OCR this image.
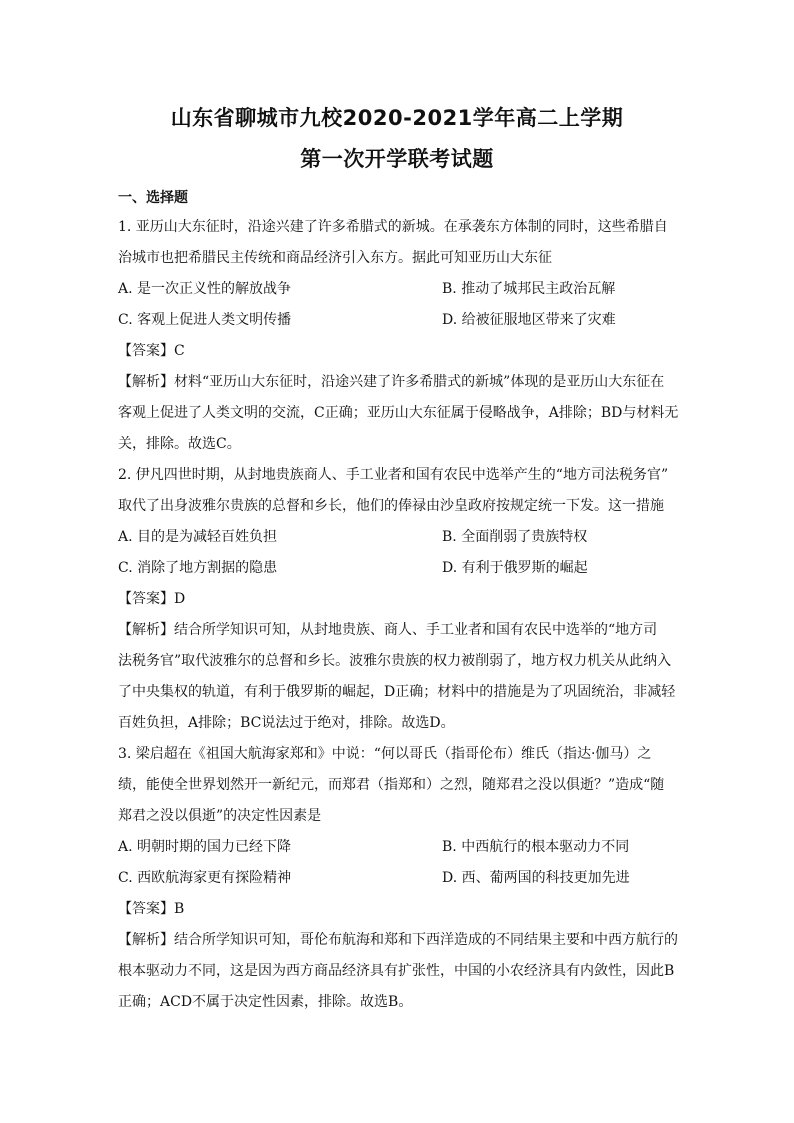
山东省聊城市九校2020-2021学年高二上学期
第一次开学联考试题
一、选择题
1. 亚历山大东征时，沿途兴建了许多希腊式的新城。在承袭东方体制的同时，这些希腊自
治城市也把希腊民主传统和商品经济引入东方。据此可知亚历山大东征
A. 是一次正义性的解放战争	B. 推动了城邦民主政治瓦解
C. 客观上促进人类文明传播	D. 给被征服地区带来了灾难
【答案】C
【解析】材料“亚历山大东征时，沿途兴建了许多希腊式的新城”体现的是亚历山大东征在
客观上促进了人类文明的交流，C正确；亚历山大东征属于侵略战争，A排除；BD与材料无
关，排除。故选C。
2. 伊凡四世时期，从封地贵族商人、手工业者和国有农民中选举产生的“地方司法税务官”
取代了出身波雅尔贵族的总督和乡长，他们的俸禄由沙皇政府按规定统一下发。这一措施
A. 目的是为减轻百姓负担	B. 全面削弱了贵族特权
C. 消除了地方割据的隐患	D. 有利于俄罗斯的崛起
【答案】D
【解析】结合所学知识可知，从封地贵族、商人、手工业者和国有农民中选举的“地方司
法税务官”取代波雅尔的总督和乡长。波雅尔贵族的权力被削弱了，地方权力机关从此纳入
了中央集权的轨道，有利于俄罗斯的崛起，D正确；材料中的措施是为了巩固统治，非减轻
百姓负担，A排除；BC说法过于绝对，排除。故选D。
3. 梁启超在《祖国大航海家郑和》中说：“何以哥氏（指哥伦布）维氏（指达·伽马）之
绩，能使全世界划然开一新纪元，而郑君（指郑和）之烈，随郑君之没以俱逝？”造成“随
郑君之没以俱逝”的决定性因素是
A. 明朝时期的国力已经下降	B. 中西航行的根本驱动力不同
C. 西欧航海家更有探险精神	D. 西、葡两国的科技更加先进
【答案】B
【解析】结合所学知识可知，哥伦布航海和郑和下西洋造成的不同结果主要和中西方航行的
根本驱动力不同，这是因为西方商品经济具有扩张性，中国的小农经济具有内敛性，因此B
正确；ACD不属于决定性因素，排除。故选B。
